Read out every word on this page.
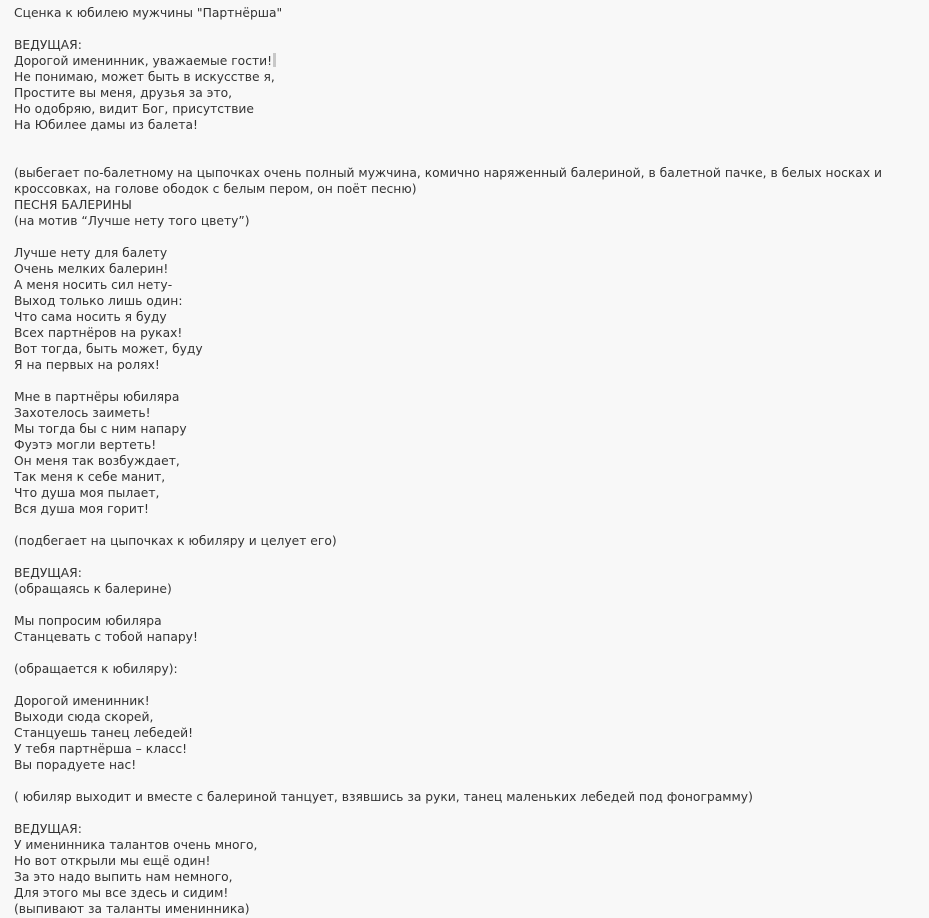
Сценка к юбилею мужчины "Партнёрша"
ВЕДУЩАЯ:
Дорогой именинник, уважаемые гости!
Не понимаю, может быть в искусстве я,
Простите вы меня, друзья за это,
Но одобряю, видит Бог, присутствие
На Юбилее дамы из балета!
(выбегает по-балетному на цыпочках очень полный мужчина, комично наряженный балериной, в балетной пачке, в белых носках и кроссовках, на голове ободок с белым пером, он поёт песню)
ПЕСНЯ БАЛЕРИНЫ
(на мотив “Лучше нету того цвету”)
Лучше нету для балету
Очень мелких балерин!
А меня носить сил нету-
Выход только лишь один:
Что сама носить я буду
Всех партнёров на руках!
Вот тогда, быть может, буду
Я на первых на ролях!
Мне в партнёры юбиляра
Захотелось заиметь!
Мы тогда бы с ним напару
Фуэтэ могли вертеть!
Он меня так возбуждает,
Так меня к себе манит,
Что душа моя пылает,
Вся душа моя горит!
(подбегает на цыпочках к юбиляру и целует его)
ВЕДУЩАЯ:
(обращаясь к балерине)
Мы попросим юбиляра
Станцевать с тобой напару!
(обращается к юбиляру):
Дорогой именинник!
Выходи сюда скорей,
Станцуешь танец лебедей!
У тебя партнёрша – класс!
Вы порадуете нас!
( юбиляр выходит и вместе с балериной танцует, взявшись за руки, танец маленьких лебедей под фонограмму)
ВЕДУЩАЯ:
У именинника талантов очень много,
Но вот открыли мы ещё один!
За это надо выпить нам немного,
Для этого мы все здесь и сидим!
(выпивают за таланты именинника)
